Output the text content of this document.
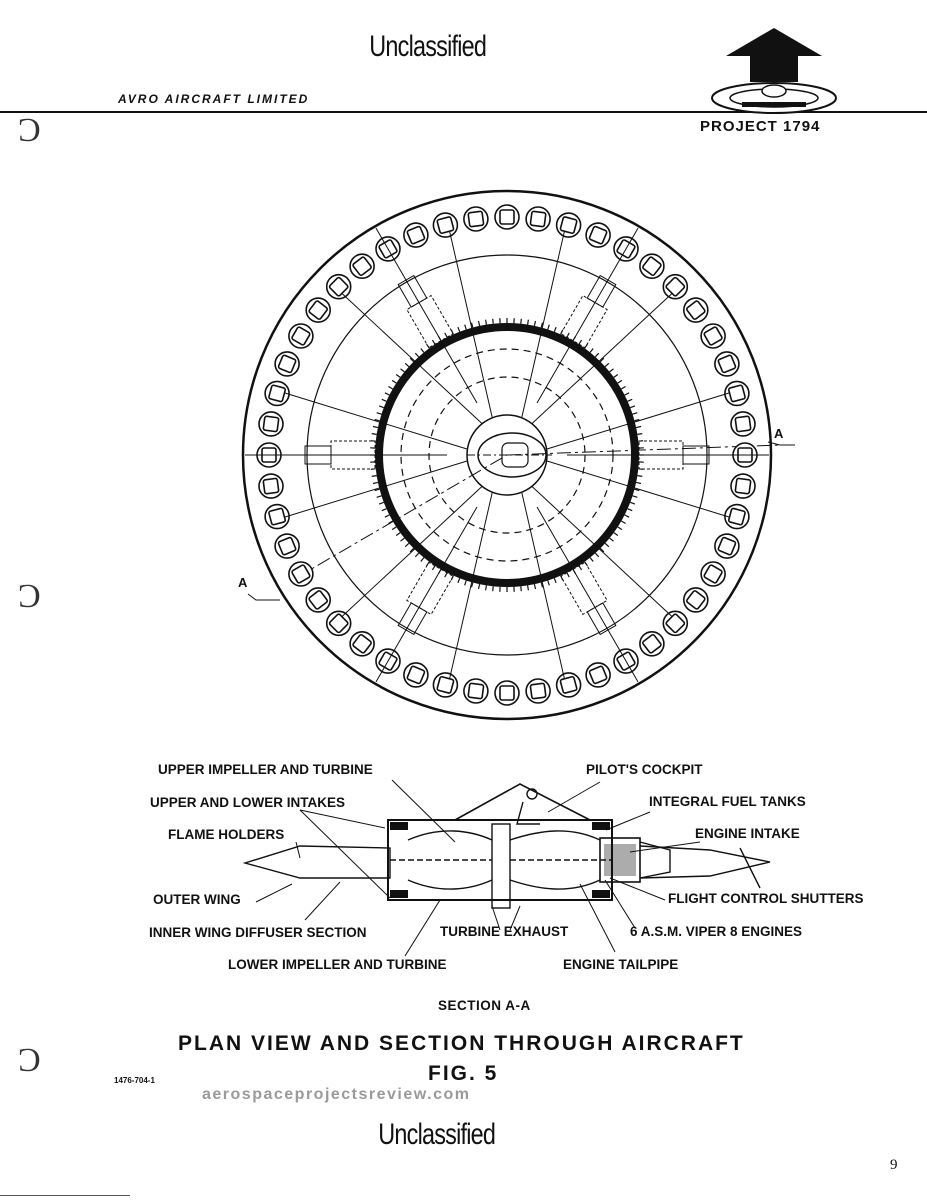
Unclassified
AVRO AIRCRAFT LIMITED
PROJECT 1794
Ɔ
Ɔ
Ɔ
A
A
UPPER IMPELLER AND TURBINE
UPPER AND LOWER INTAKES
FLAME HOLDERS
OUTER WING
INNER WING DIFFUSER SECTION
LOWER IMPELLER AND TURBINE
PILOT'S COCKPIT
INTEGRAL FUEL TANKS
ENGINE INTAKE
FLIGHT CONTROL SHUTTERS
6 A.S.M. VIPER 8 ENGINES
TURBINE EXHAUST
ENGINE TAILPIPE
SECTION A-A
PLAN VIEW AND SECTION THROUGH AIRCRAFT
FIG. 5
1476-704-1
aerospaceprojectsreview.com
Unclassified
9
